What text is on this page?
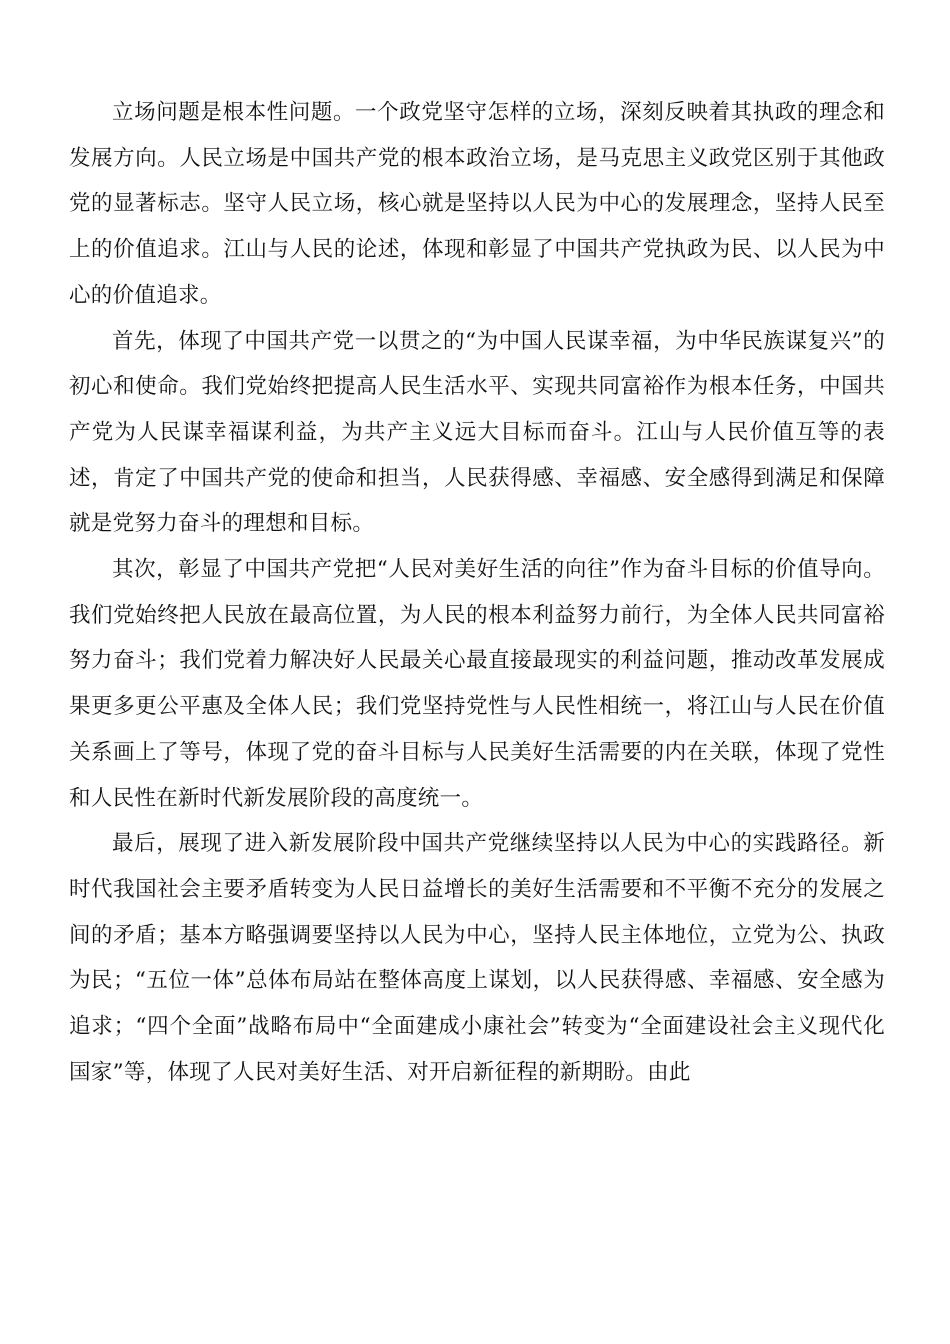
立场问题是根本性问题。一个政党坚守怎样的立场，深刻反映着其执政的理念和发展方向。人民立场是中国共产党的根本政治立场，是马克思主义政党区别于其他政党的显著标志。坚守人民立场，核心就是坚持以人民为中心的发展理念，坚持人民至上的价值追求。江山与人民的论述，体现和彰显了中国共产党执政为民、以人民为中心的价值追求。

首先，体现了中国共产党一以贯之的“为中国人民谋幸福，为中华民族谋复兴”的初心和使命。我们党始终把提高人民生活水平、实现共同富裕作为根本任务，中国共产党为人民谋幸福谋利益，为共产主义远大目标而奋斗。江山与人民价值互等的表述，肯定了中国共产党的使命和担当，人民获得感、幸福感、安全感得到满足和保障就是党努力奋斗的理想和目标。

其次，彰显了中国共产党把“人民对美好生活的向往”作为奋斗目标的价值导向。我们党始终把人民放在最高位置，为人民的根本利益努力前行，为全体人民共同富裕努力奋斗；我们党着力解决好人民最关心最直接最现实的利益问题，推动改革发展成果更多更公平惠及全体人民；我们党坚持党性与人民性相统一，将江山与人民在价值关系画上了等号，体现了党的奋斗目标与人民美好生活需要的内在关联，体现了党性和人民性在新时代新发展阶段的高度统一。

最后，展现了进入新发展阶段中国共产党继续坚持以人民为中心的实践路径。新时代我国社会主要矛盾转变为人民日益增长的美好生活需要和不平衡不充分的发展之间的矛盾；基本方略强调要坚持以人民为中心，坚持人民主体地位，立党为公、执政为民；“五位一体”总体布局站在整体高度上谋划，以人民获得感、幸福感、安全感为追求；“四个全面”战略布局中“全面建成小康社会”转变为“全面建设社会主义现代化国家”等，体现了人民对美好生活、对开启新征程的新期盼。由此
